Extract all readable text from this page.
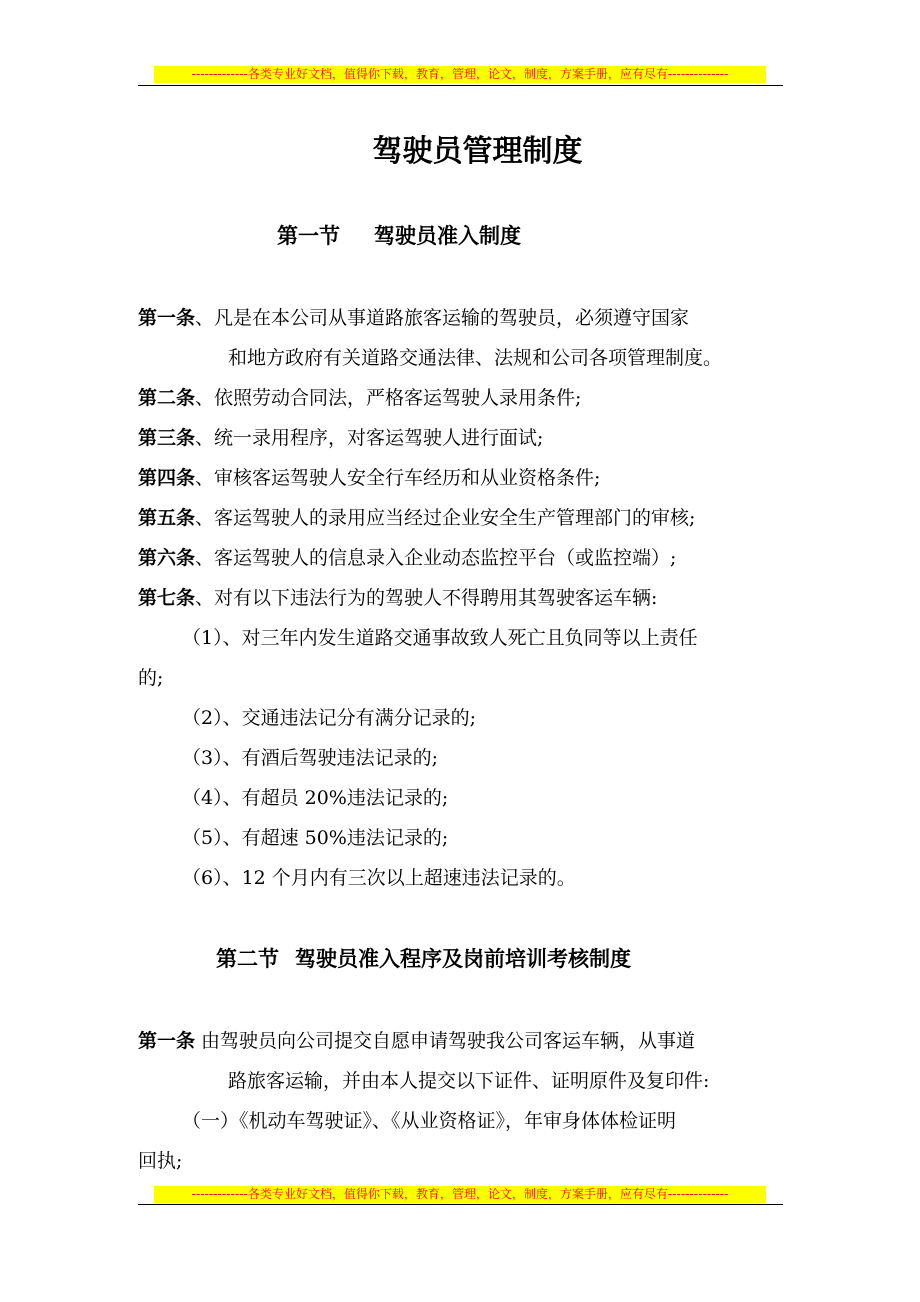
-------------各类专业好文档，值得你下载，教育，管理，论文，制度，方案手册，应有尽有--------------
驾驶员管理制度
第一节 驾驶员准入制度
第一条、凡是在本公司从事道路旅客运输的驾驶员，必须遵守国家
和地方政府有关道路交通法律、法规和公司各项管理制度。
第二条、依照劳动合同法，严格客运驾驶人录用条件;
第三条、统一录用程序，对客运驾驶人进行面试;
第四条、审核客运驾驶人安全行车经历和从业资格条件;
第五条、客运驾驶人的录用应当经过企业安全生产管理部门的审核;
第六条、客运驾驶人的信息录入企业动态监控平台（或监控端）;
第七条、对有以下违法行为的驾驶人不得聘用其驾驶客运车辆:
（1）、对三年内发生道路交通事故致人死亡且负同等以上责任
的;
（2）、交通违法记分有满分记录的;
（3）、有酒后驾驶违法记录的;
（4）、有超员 20%违法记录的;
（5）、有超速 50%违法记录的;
（6）、12 个月内有三次以上超速违法记录的。
第二节 驾驶员准入程序及岗前培训考核制度
第一条 由驾驶员向公司提交自愿申请驾驶我公司客运车辆，从事道
路旅客运输，并由本人提交以下证件、证明原件及复印件:
（一）《机动车驾驶证》、《从业资格证》，年审身体体检证明
回执;
-------------各类专业好文档，值得你下载，教育，管理，论文，制度，方案手册，应有尽有--------------
